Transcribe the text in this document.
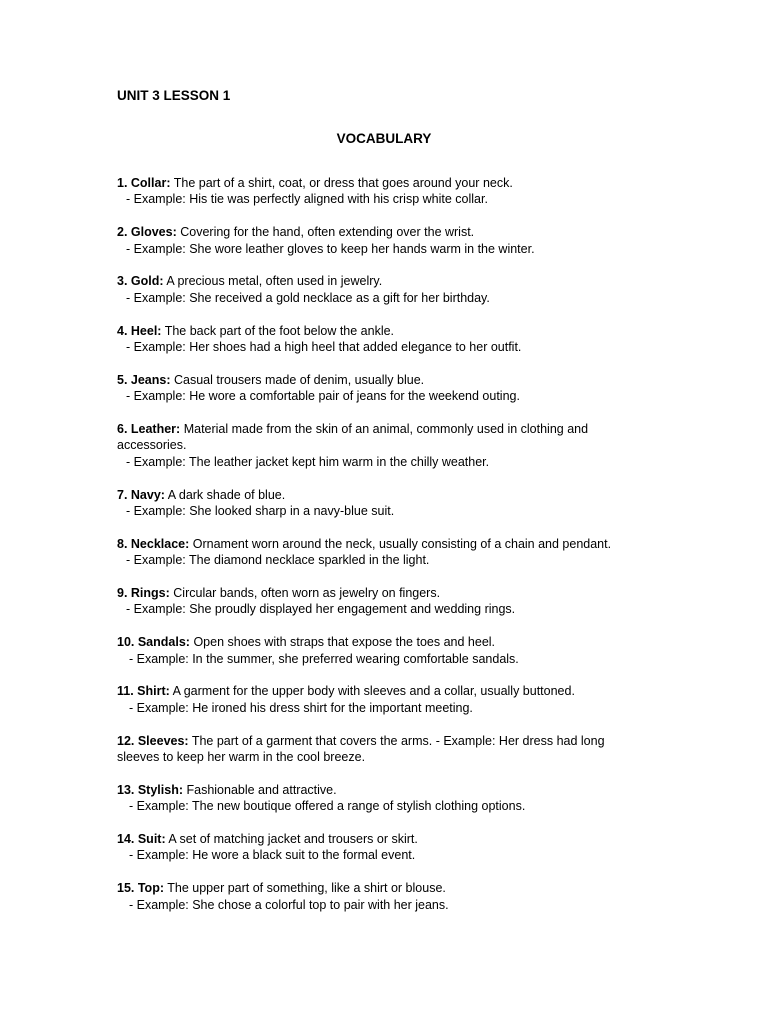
UNIT 3 LESSON 1
VOCABULARY
1. Collar: The part of a shirt, coat, or dress that goes around your neck.
- Example: His tie was perfectly aligned with his crisp white collar.
2. Gloves: Covering for the hand, often extending over the wrist.
- Example: She wore leather gloves to keep her hands warm in the winter.
3. Gold: A precious metal, often used in jewelry.
- Example: She received a gold necklace as a gift for her birthday.
4. Heel: The back part of the foot below the ankle.
- Example: Her shoes had a high heel that added elegance to her outfit.
5. Jeans: Casual trousers made of denim, usually blue.
- Example: He wore a comfortable pair of jeans for the weekend outing.
6. Leather: Material made from the skin of an animal, commonly used in clothing and accessories.
- Example: The leather jacket kept him warm in the chilly weather.
7. Navy: A dark shade of blue.
- Example: She looked sharp in a navy-blue suit.
8. Necklace: Ornament worn around the neck, usually consisting of a chain and pendant.
- Example: The diamond necklace sparkled in the light.
9. Rings: Circular bands, often worn as jewelry on fingers.
- Example: She proudly displayed her engagement and wedding rings.
10. Sandals: Open shoes with straps that expose the toes and heel.
- Example: In the summer, she preferred wearing comfortable sandals.
11. Shirt: A garment for the upper body with sleeves and a collar, usually buttoned.
- Example: He ironed his dress shirt for the important meeting.
12. Sleeves: The part of a garment that covers the arms. - Example: Her dress had long sleeves to keep her warm in the cool breeze.
13. Stylish: Fashionable and attractive.
- Example: The new boutique offered a range of stylish clothing options.
14. Suit: A set of matching jacket and trousers or skirt.
- Example: He wore a black suit to the formal event.
15. Top: The upper part of something, like a shirt or blouse.
- Example: She chose a colorful top to pair with her jeans.
